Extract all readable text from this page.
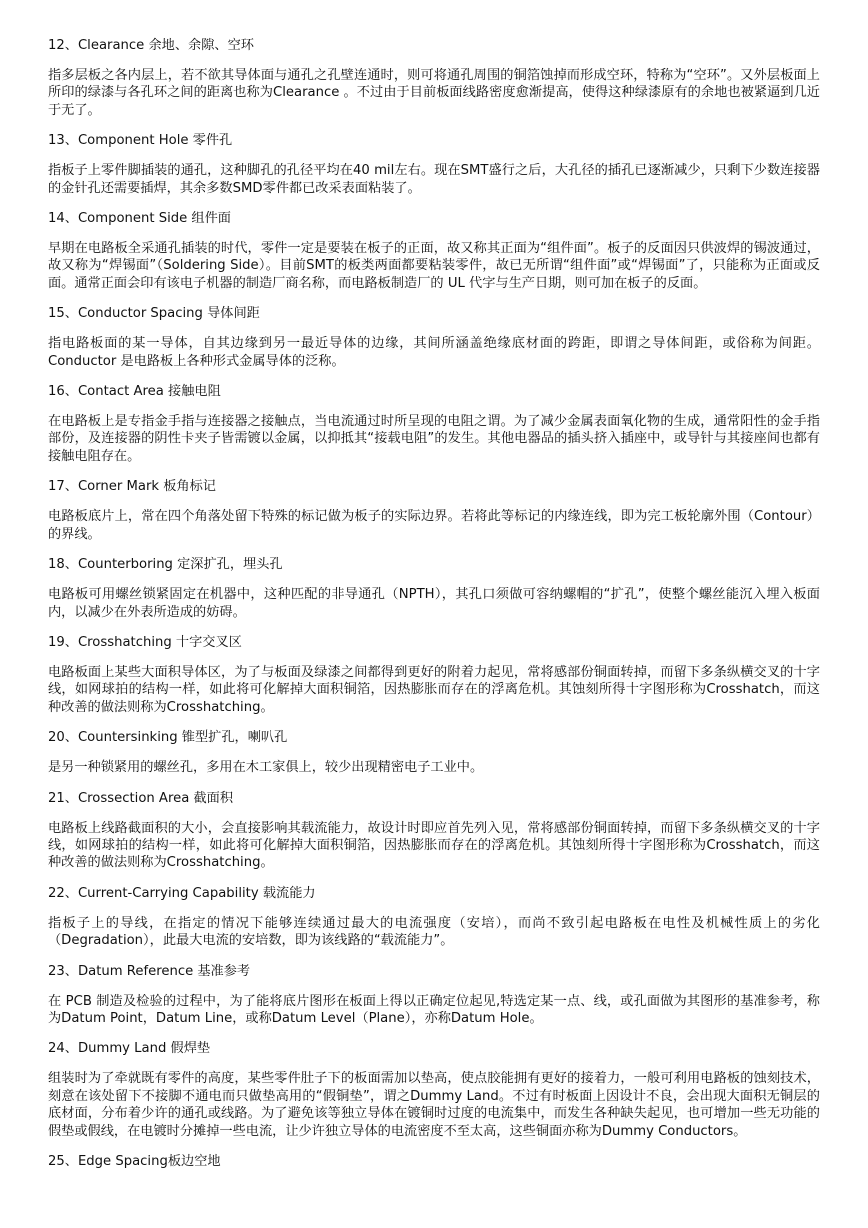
12、Clearance 余地、余隙、空环

指多层板之各内层上，若不欲其导体面与通孔之孔壁连通时，则可将通孔周围的铜箔蚀掉而形成空环，特称为“空环”。又外层板面上所印的绿漆与各孔环之间的距离也称为Clearance 。不过由于目前板面线路密度愈渐提高，使得这种绿漆原有的余地也被紧逼到几近于无了。

13、Component Hole 零件孔

指板子上零件脚插装的通孔，这种脚孔的孔径平均在40 mil左右。现在SMT盛行之后，大孔径的插孔已逐渐减少，只剩下少数连接器的金针孔还需要插焊，其余多数SMD零件都已改采表面粘装了。

14、Component Side 组件面

早期在电路板全采通孔插装的时代，零件一定是要装在板子的正面，故又称其正面为“组件面”。板子的反面因只供波焊的锡波通过，故又称为“焊锡面”（Soldering Side）。目前SMT的板类两面都要粘装零件，故已无所谓“组件面”或“焊锡面”了，只能称为正面或反面。通常正面会印有该电子机器的制造厂商名称，而电路板制造厂的 UL 代字与生产日期，则可加在板子的反面。

15、Conductor Spacing 导体间距

指电路板面的某一导体，自其边缘到另一最近导体的边缘，其间所涵盖绝缘底材面的跨距，即谓之导体间距，或俗称为间距。Conductor 是电路板上各种形式金属导体的泛称。

16、Contact Area 接触电阻

在电路板上是专指金手指与连接器之接触点，当电流通过时所呈现的电阻之谓。为了减少金属表面氧化物的生成，通常阳性的金手指部份，及连接器的阴性卡夹子皆需镀以金属，以抑抵其“接载电阻”的发生。其他电器品的插头挤入插座中，或导针与其接座间也都有接触电阻存在。

17、Corner Mark 板角标记

电路板底片上，常在四个角落处留下特殊的标记做为板子的实际边界。若将此等标记的内缘连线，即为完工板轮廓外围（Contour）的界线。

18、Counterboring 定深扩孔，埋头孔

电路板可用螺丝锁紧固定在机器中，这种匹配的非导通孔（NPTH），其孔口须做可容纳螺帽的“扩孔”，使整个螺丝能沉入埋入板面内，以减少在外表所造成的妨碍。

19、Crosshatching 十字交叉区

电路板面上某些大面积导体区，为了与板面及绿漆之间都得到更好的附着力起见，常将感部份铜面转掉，而留下多条纵横交叉的十字线，如网球拍的结构一样，如此将可化解掉大面积铜箔，因热膨胀而存在的浮离危机。其蚀刻所得十字图形称为Crosshatch，而这种改善的做法则称为Crosshatching。

20、Countersinking 锥型扩孔，喇叭孔

是另一种锁紧用的螺丝孔，多用在木工家俱上，较少出现精密电子工业中。

21、Crossection Area 截面积

电路板上线路截面积的大小，会直接影响其载流能力，故设计时即应首先列入见，常将感部份铜面转掉，而留下多条纵横交叉的十字线，如网球拍的结构一样，如此将可化解掉大面积铜箔，因热膨胀而存在的浮离危机。其蚀刻所得十字图形称为Crosshatch，而这种改善的做法则称为Crosshatching。

22、Current-Carrying Capability 载流能力

指板子上的导线，在指定的情况下能够连续通过最大的电流强度（安培），而尚不致引起电路板在电性及机械性质上的劣化（Degradation），此最大电流的安培数，即为该线路的“载流能力”。

23、Datum Reference 基准参考

在 PCB 制造及检验的过程中，为了能将底片图形在板面上得以正确定位起见,特选定某一点、线，或孔面做为其图形的基准参考，称为Datum Point，Datum Line，或称Datum Level（Plane），亦称Datum Hole。

24、Dummy Land 假焊垫

组装时为了牵就既有零件的高度，某些零件肚子下的板面需加以垫高，使点胶能拥有更好的接着力，一般可利用电路板的蚀刻技术，刻意在该处留下不接脚不通电而只做垫高用的“假铜垫”，谓之Dummy Land。不过有时板面上因设计不良，会出现大面积无铜层的底材面，分布着少许的通孔或线路。为了避免该等独立导体在镀铜时过度的电流集中，而发生各种缺失起见，也可增加一些无功能的假垫或假线，在电镀时分摊掉一些电流，让少许独立导体的电流密度不至太高，这些铜面亦称为Dummy Conductors。

25、Edge Spacing板边空地
